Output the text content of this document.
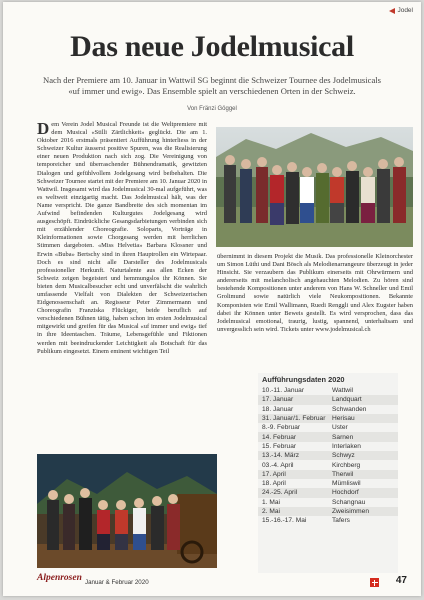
Jodel
Das neue Jodelmusical
Nach der Premiere am 10. Januar in Wattwil SG beginnt die Schweizer Tournee des Jodelmusicals «uf immer und ewig». Das Ensemble spielt an verschiedenen Orten in der Schweiz.
Von Fränzi Göggel

Dem Verein Jodel Musical Freunde ist die Weltpremiere mit dem Musical «Stilli Zärtlichkeit» geglückt. Die am 1. Oktober 2016 erstmals präsentiert Aufführung hinterliess in der Schweizer Kultur äusserst positive Spuren, was die Realisierung einer neuen Produktion nach sich zog. Die Vereinigung von temporeicher und überraschender Bühnendramatik, gewitzten Dialogen und gefühlvollem Jodelgesang wird beibehalten. Die Schweizer Tournee startet mit der Premiere am 10. Januar 2020 in Wattwil. Insgesamt wird das Jodelmusical 30-mal aufgeführt, was es weltweit einzigartig macht. Das Jodelmusical hält, was der Name verspricht. Die ganze Bandbreite des sich momentan im Aufwind befindenden Kulturgutes Jodelgesang wird ausgeschöpft. Eindrückliche Gesangsdarbietungen verbinden sich mit erzählender Choreografie. Soloparts, Vorträge in Kleinformationen sowie Chorgesang werden mit herrlichen Stimmen dargeboten. «Miss Helvetia» Barbara Klossner und Erwin «Buba» Bertschy sind in ihren Hauptrollen ein Wirtepaar. Doch es sind nicht alle Darsteller des Jodelmusicals professioneller Herkunft. Naturtalente aus allen Ecken der Schweiz zeigen begeistert und hemmungslos ihr Können. Sie bieten dem Musicalbesucher echt und unverfälscht die wahrlich umfassende Vielfalt von Dialekten der Schweizerischen Eidgenossenschaft an. Regisseur Peter Zimmermann und Choreografin Franziska Flückiger, beide beruflich auf verschiedenen Bühnen tätig, haben schon im ersten Jodelmusical mitgewirkt und greifen für das Musical «uf immer und ewig» tief in ihre Ideentaschen. Träume, Lebensgefühle und Fiktionen werden mit beeindruckender Leichtigkeit als Botschaft für das Publikum eingesetzt. Einem eminent wichtigen Teil

übernimmt in diesem Projekt die Musik. Das professionelle Kleinorchester um Simon Lüthi und Dani Bösch als Melodienarrangeure überzeugt in jeder Hinsicht. Sie verzaubern das Publikum einerseits mit Ohrwürmern und andererseits mit melancholisch angehauchten Melodien. Zu hören sind bestehende Kompositionen unter anderem von Hans W. Schneller und Emil Grolimund sowie natürlich viele Neukompositionen. Bekannte Komponisten wie Emil Wallimann, Ruedi Renggli und Alex Eugster haben dabei ihr Können unter Beweis gestellt. Es wird versprochen, dass das Jodelmusical emotional, traurig, lustig, spannend, unterhaltsam und unvergesslich sein wird. Tickets unter www.jodelmusical.ch

Aufführungsdaten 2020
10.-11. Januar	Wattwil
17. Januar	Landquart
18. Januar	Schwanden
31. Januar/1. Februar Herisau
8.-9. Februar	Uster
14. Februar	Sarnen
15. Februar	Interlaken
13.-14. März	Schwyz
03.-4. April	Kirchberg
17. April	Therwil
18. April	Mümliswil
24.-25. April	Hochdorf
1. Mai	Schangnau
2. Mai	Zweisimmen
15.-16.-17. Mai	Tafers
Alpenrosen Januar & Februar 2020	47
